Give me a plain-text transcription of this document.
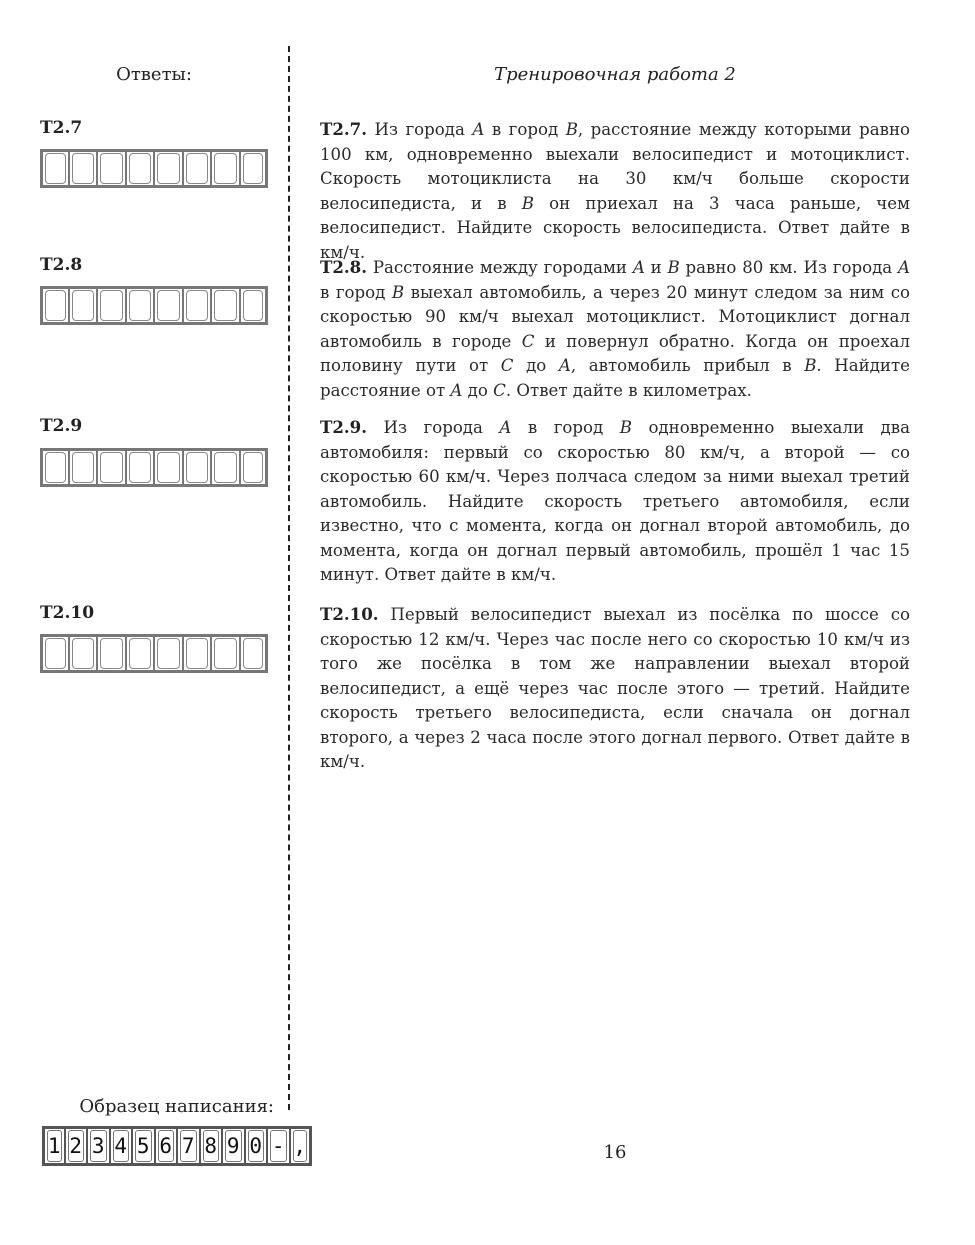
Ответы:	Тренировочная работа 2
Т2.7
Т2.8
Т2.9
Т2.10

Т2.7. Из города A в город B, расстояние между которыми равно 100 км, одновременно выехали велосипедист и мотоциклист. Скорость мотоциклиста на 30 км/ч больше скорости велосипедиста, и в B он приехал на 3 часа раньше, чем велосипедист. Найдите скорость велосипедиста. Ответ дайте в км/ч.

Т2.8. Расстояние между городами A и B равно 80 км. Из города A в город B выехал автомобиль, а через 20 минут следом за ним со скоростью 90 км/ч выехал мотоциклист. Мотоциклист догнал автомобиль в городе C и повернул обратно. Когда он проехал половину пути от C до A, автомобиль прибыл в B. Найдите расстояние от A до C. Ответ дайте в километрах.

Т2.9. Из города A в город B одновременно выехали два автомобиля: первый со скоростью 80 км/ч, а второй — со скоростью 60 км/ч. Через полчаса следом за ними выехал третий автомобиль. Найдите скорость третьего автомобиля, если известно, что с момента, когда он догнал второй автомобиль, до момента, когда он догнал первый автомобиль, прошёл 1 час 15 минут. Ответ дайте в км/ч.

Т2.10. Первый велосипедист выехал из посёлка по шоссе со скоростью 12 км/ч. Через час после него со скоростью 10 км/ч из того же посёлка в том же направлении выехал второй велосипедист, а ещё через час после этого — третий. Найдите скорость третьего велосипедиста, если сначала он догнал второго, а через 2 часа после этого догнал первого. Ответ дайте в км/ч.

Образец написания:
1 2 3 4 5 6 7 8 9 0 - ,	16
